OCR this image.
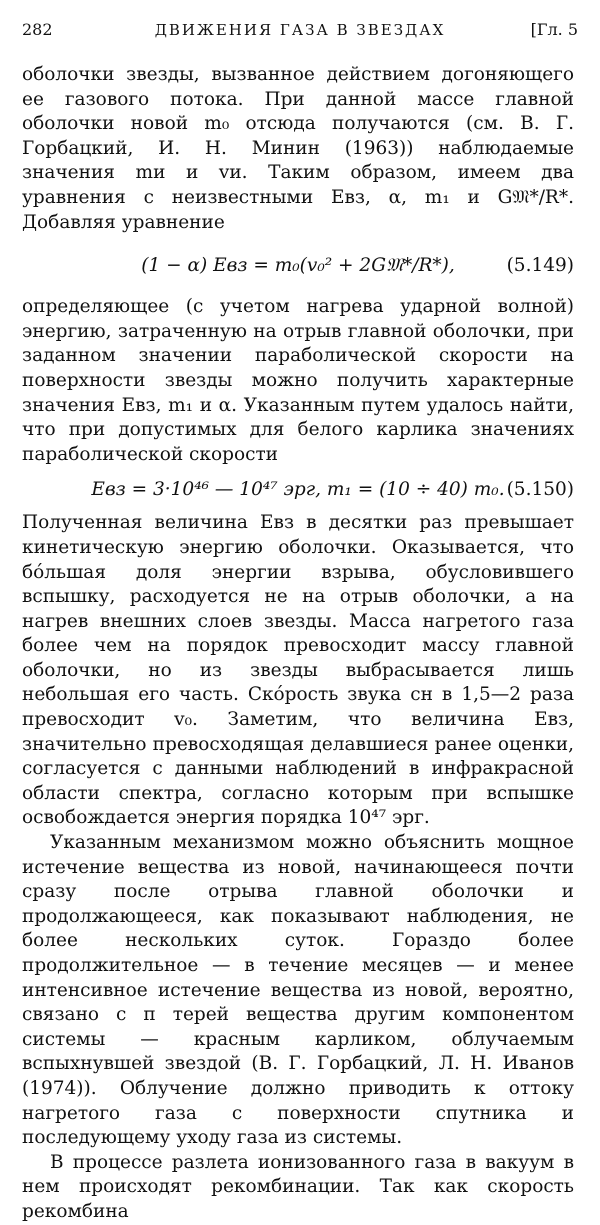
282	ДВИЖЕНИЯ ГАЗА В ЗВЕЗДАХ	[Гл. 5

оболочки звезды, вызванное действием догоняющего ее газового потока. При данной массе главной оболочки новой m₀ отсюда получаются (см. В. Г. Горбацкий, И. Н. Минин (1963)) наблюдаемые значения mи и vи. Таким образом, имеем два уравнения с неизвестными Eвз, α, m₁ и G𝔐*/R*. Добавляя уравнение

(1 − α) Eвз = m₀(v₀² + 2G𝔐*/R*),	(5.149)

определяющее (с учетом нагрева ударной волной) энергию, затраченную на отрыв главной оболочки, при заданном значении параболической скорости на поверхности звезды можно получить характерные значения Eвз, m₁ и α. Указанным путем удалось найти, что при допустимых для белого карлика значениях параболической скорости

Eвз = 3·10⁴⁶ — 10⁴⁷ эрг, m₁ = (10 ÷ 40) m₀. (5.150)

Полученная величина Eвз в десятки раз превышает кинетическую энергию оболочки. Оказывается, что бо́льшая доля энергии взрыва, обусловившего вспышку, расходуется не на отрыв оболочки, а на нагрев внешних слоев звезды. Масса нагретого газа более чем на порядок превосходит массу главной оболочки, но из звезды выбрасывается лишь небольшая его часть. Ско́рость звука cн в 1,5—2 раза превосходит v₀. Заметим, что величина Eвз, значительно превосходящая делавшиеся ранее оценки, согласуется с данными наблюдений в инфракрасной области спектра, согласно которым при вспышке освобождается энергия порядка 10⁴⁷ эрг.

Указанным механизмом можно объяснить мощное истечение вещества из новой, начинающееся почти сразу после отрыва главной оболочки и продолжающееся, как показывают наблюдения, не более нескольких суток. Гораздо более продолжительное — в течение месяцев — и менее интенсивное истечение вещества из новой, вероятно, связано с п терей вещества другим компонентом системы — красным карликом, облучаемым вспыхнувшей звездой (В. Г. Горбацкий, Л. Н. Иванов (1974)). Облучение должно приводить к оттоку нагретого газа с поверхности спутника и последующему уходу газа из системы.

В процессе разлета ионизованного газа в вакуум в нем происходят рекомбинации. Так как скорость рекомбина
